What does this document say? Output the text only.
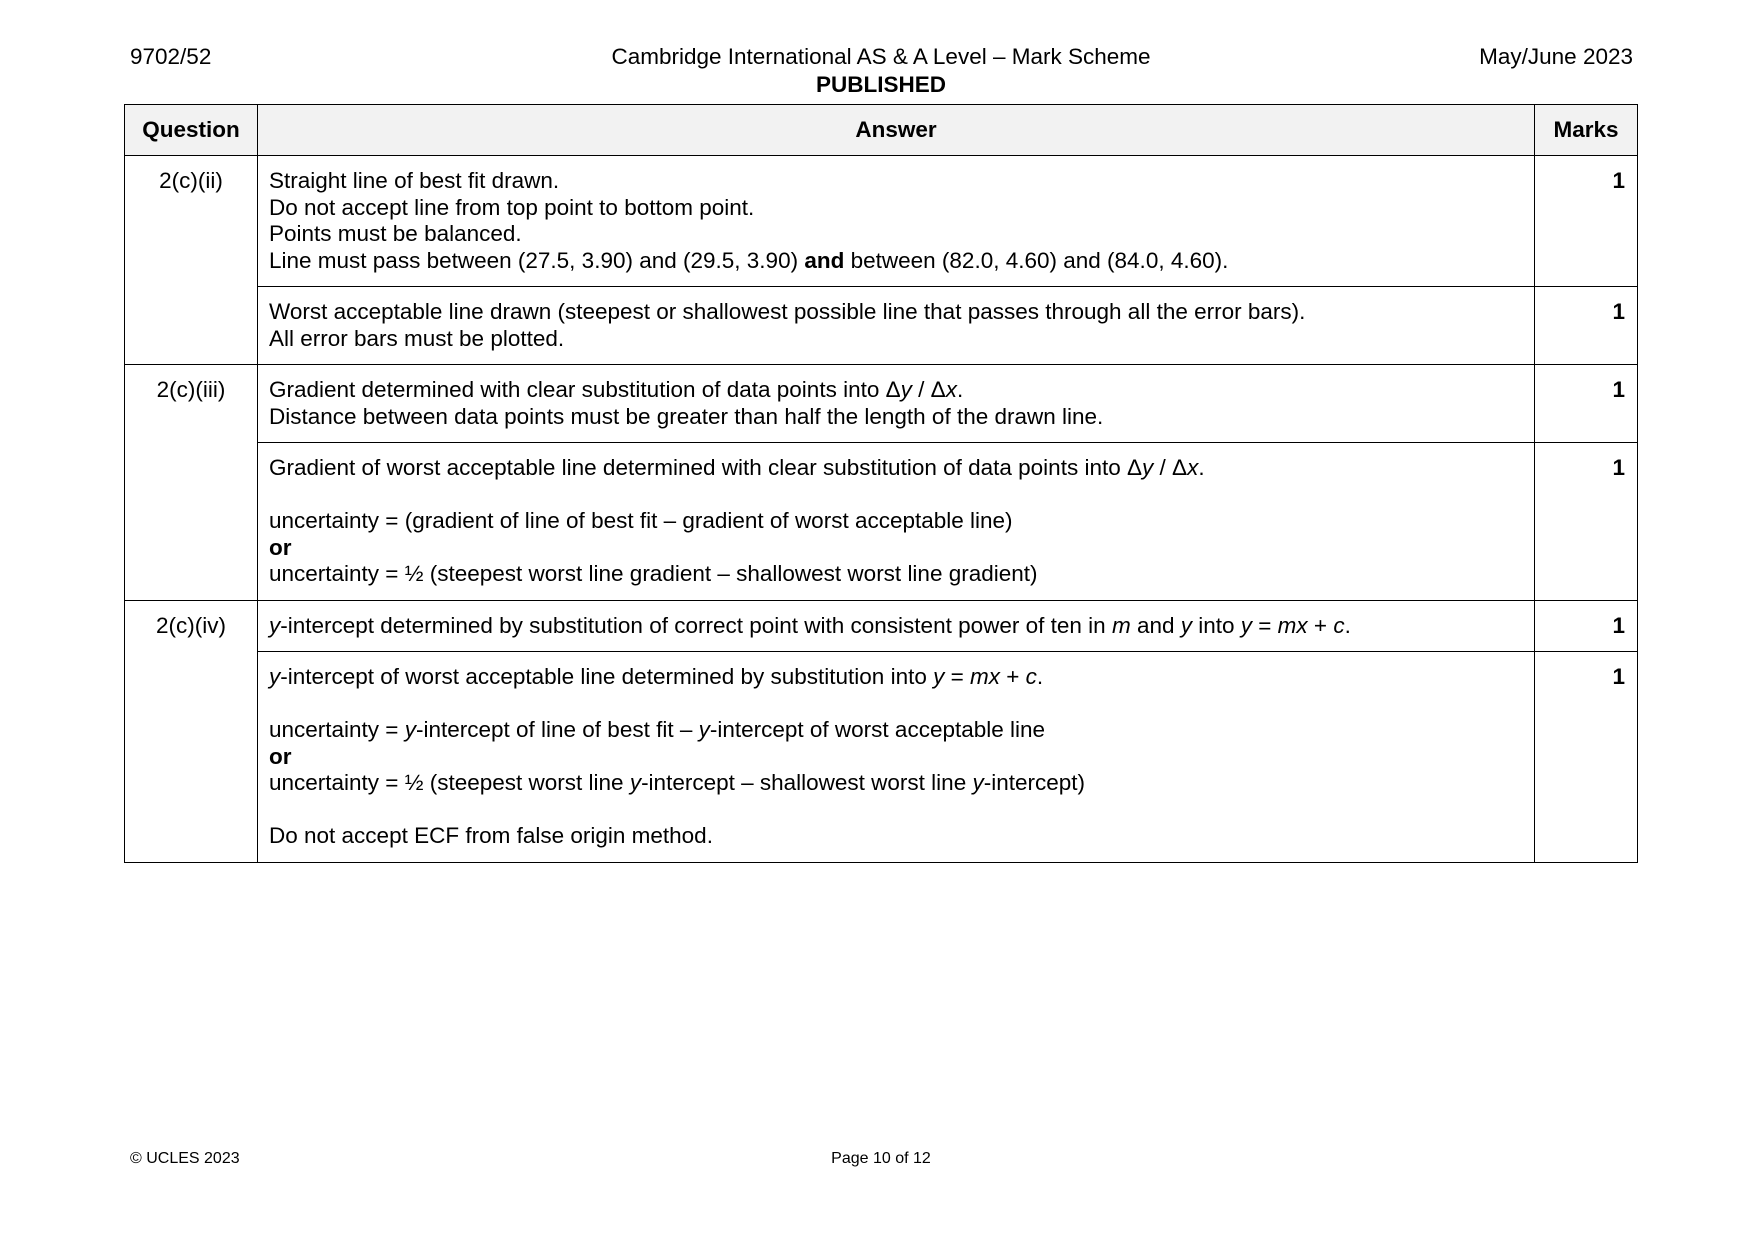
9702/52	Cambridge International AS & A Level – Mark Scheme
PUBLISHED
May/June 2023
Question	Answer	Marks
2(c)(ii)	Straight line of best fit drawn.
Do not accept line from top point to bottom point.
Points must be balanced.
Line must pass between (27.5, 3.90) and (29.5, 3.90) and between (82.0, 4.60) and (84.0, 4.60).	1

	Worst acceptable line drawn (steepest or shallowest possible line that passes through all the error bars).
All error bars must be plotted.	1
2(c)(iii)	Gradient determined with clear substitution of data points into Δy / Δx.
Distance between data points must be greater than half the length of the drawn line.	1

	Gradient of worst acceptable line determined with clear substitution of data points into Δy / Δx.
uncertainty = (gradient of line of best fit – gradient of worst acceptable line)
or
uncertainty = ½ (steepest worst line gradient – shallowest worst line gradient)	1
2(c)(iv)	y-intercept determined by substitution of correct point with consistent power of ten in m and y into y = mx + c.	1

	y-intercept of worst acceptable line determined by substitution into y = mx + c.
uncertainty = y-intercept of line of best fit – y-intercept of worst acceptable line
or
uncertainty = ½ (steepest worst line y-intercept – shallowest worst line y-intercept)
Do not accept ECF from false origin method.	1
© UCLES 2023	Page 10 of 12
